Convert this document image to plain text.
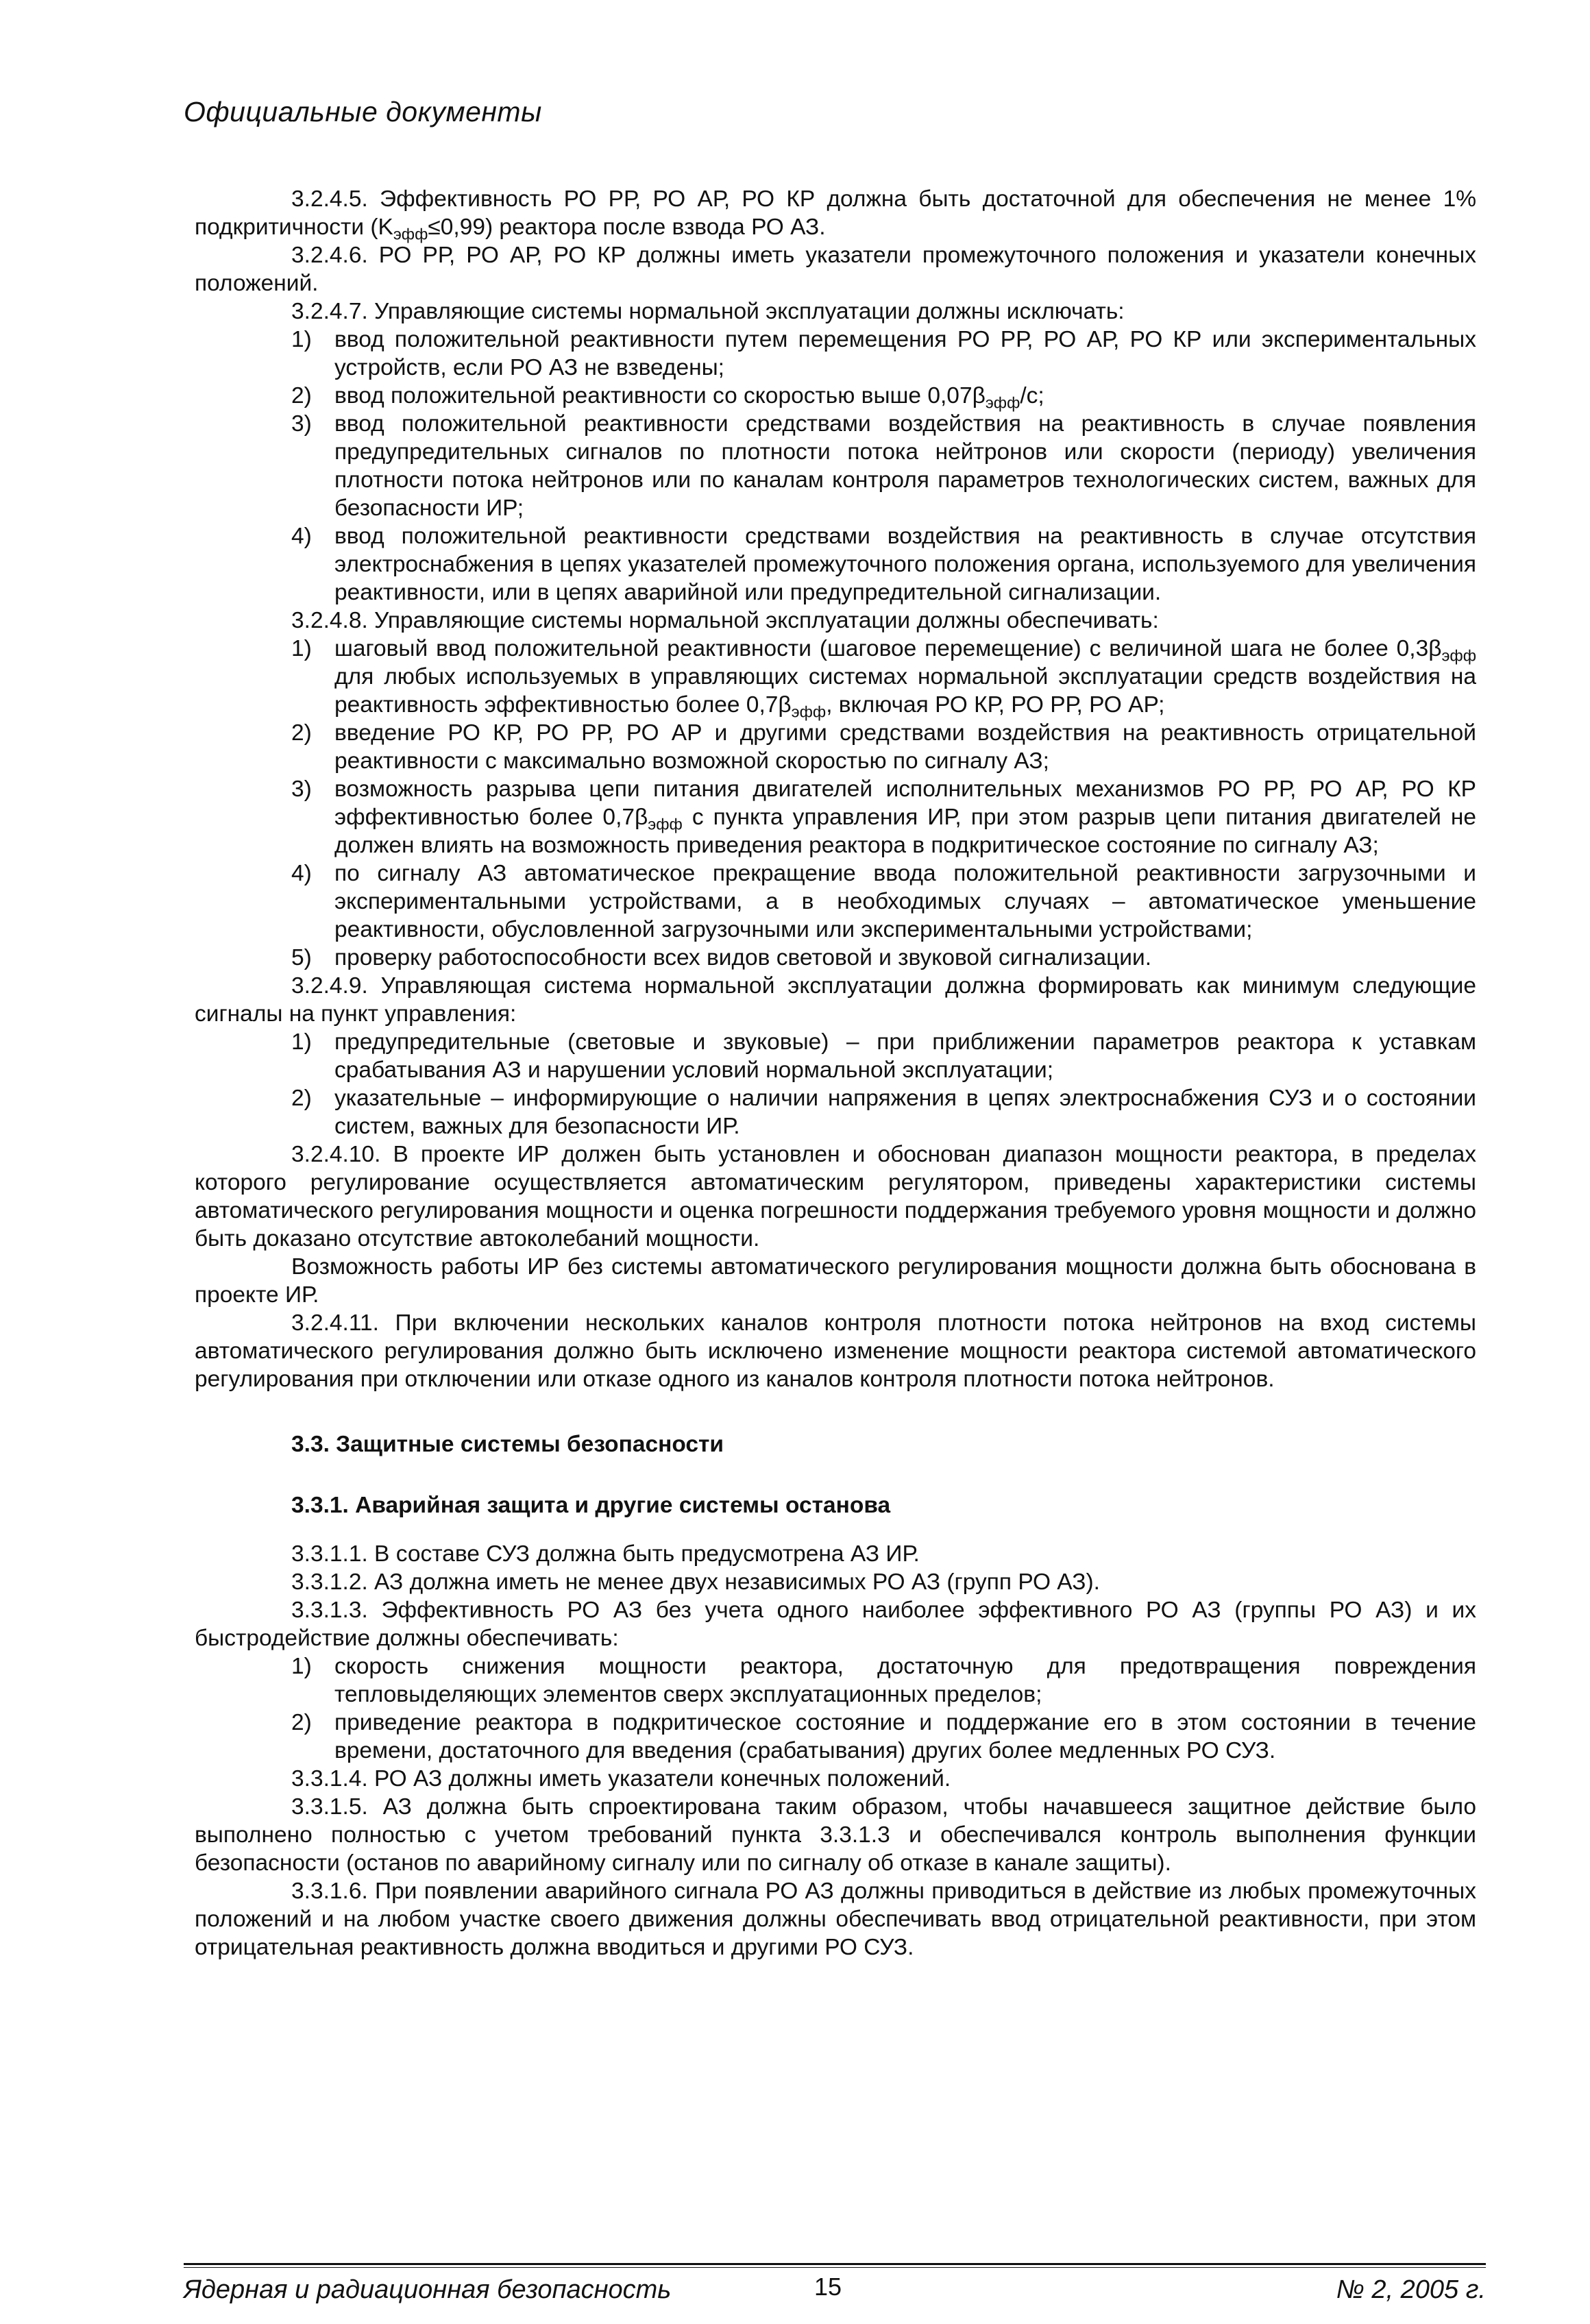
Официальные документы

3.2.4.5. Эффективность РО РР, РО АР, РО КР должна быть достаточной для обеспечения не менее 1% подкритичности $(K_{эфф}\le 0,99)$ реактора после взвода РО АЗ.

3.2.4.6. РО РР, РО АР, РО КР должны иметь указатели промежуточного положения и указатели конечных положений.

3.2.4.7. Управляющие системы нормальной эксплуатации должны исключать:

1) ввод положительной реактивности путем перемещения РО РР, РО АР, РО КР или экспериментальных устройств, если РО АЗ не взведены;
2) ввод положительной реактивности со скоростью выше $0,07\beta_{эфф}/с$;
3) ввод положительной реактивности средствами воздействия на реактивность в случае появления предупредительных сигналов по плотности потока нейтронов или скорости (периоду) увеличения плотности потока нейтронов или по каналам контроля параметров технологических систем, важных для безопасности ИР;
4) ввод положительной реактивности средствами воздействия на реактивность в случае отсутствия электроснабжения в цепях указателей промежуточного положения органа, используемого для увеличения реактивности, или в цепях аварийной или предупредительной сигнализации.

3.2.4.8. Управляющие системы нормальной эксплуатации должны обеспечивать:

1) шаговый ввод положительной реактивности (шаговое перемещение) с величиной шага не более $0,3\beta_{эфф}$ для любых используемых в управляющих системах нормальной эксплуатации средств воздействия на реактивность эффективностью более $0,7\beta_{эфф}$, включая РО КР, РО РР, РО АР;
2) введение РО КР, РО РР, РО АР и другими средствами воздействия на реактивность отрицательной реактивности с максимально возможной скоростью по сигналу АЗ;
3) возможность разрыва цепи питания двигателей исполнительных механизмов РО РР, РО АР, РО КР эффективностью более $0,7\beta_{эфф}$ с пункта управления ИР, при этом разрыв цепи питания двигателей не должен влиять на возможность приведения реактора в подкритическое состояние по сигналу АЗ;
4) по сигналу АЗ автоматическое прекращение ввода положительной реактивности загрузочными и экспериментальными устройствами, а в необходимых случаях – автоматическое уменьшение реактивности, обусловленной загрузочными или экспериментальными устройствами;
5) проверку работоспособности всех видов световой и звуковой сигнализации.

3.2.4.9. Управляющая система нормальной эксплуатации должна формировать как минимум следующие сигналы на пункт управления:

1) предупредительные (световые и звуковые) – при приближении параметров реактора к уставкам срабатывания АЗ и нарушении условий нормальной эксплуатации;
2) указательные – информирующие о наличии напряжения в цепях электроснабжения СУЗ и о состоянии систем, важных для безопасности ИР.

3.2.4.10. В проекте ИР должен быть установлен и обоснован диапазон мощности реактора, в пределах которого регулирование осуществляется автоматическим регулятором, приведены характеристики системы автоматического регулирования мощности и оценка погрешности поддержания требуемого уровня мощности и должно быть доказано отсутствие автоколебаний мощности.

Возможность работы ИР без системы автоматического регулирования мощности должна быть обоснована в проекте ИР.

3.2.4.11. При включении нескольких каналов контроля плотности потока нейтронов на вход системы автоматического регулирования должно быть исключено изменение мощности реактора системой автоматического регулирования при отключении или отказе одного из каналов контроля плотности потока нейтронов.

3.3. Защитные системы безопасности

3.3.1. Аварийная защита и другие системы останова

3.3.1.1. В составе СУЗ должна быть предусмотрена АЗ ИР.

3.3.1.2. АЗ должна иметь не менее двух независимых РО АЗ (групп РО АЗ).

3.3.1.3. Эффективность РО АЗ без учета одного наиболее эффективного РО АЗ (группы РО АЗ) и их быстродействие должны обеспечивать:

1) скорость снижения мощности реактора, достаточную для предотвращения повреждения тепловыделяющих элементов сверх эксплуатационных пределов;
2) приведение реактора в подкритическое состояние и поддержание его в этом состоянии в течение времени, достаточного для введения (срабатывания) других более медленных РО СУЗ.

3.3.1.4. РО АЗ должны иметь указатели конечных положений.

3.3.1.5. АЗ должна быть спроектирована таким образом, чтобы начавшееся защитное действие было выполнено полностью с учетом требований пункта 3.3.1.3 и обеспечивался контроль выполнения функции безопасности (останов по аварийному сигналу или по сигналу об отказе в канале защиты).

3.3.1.6. При появлении аварийного сигнала РО АЗ должны приводиться в действие из любых промежуточных положений и на любом участке своего движения должны обеспечивать ввод отрицательной реактивности, при этом отрицательная реактивность должна вводиться и другими РО СУЗ.

Ядерная и радиационная безопасность	15	№ 2, 2005 г.
